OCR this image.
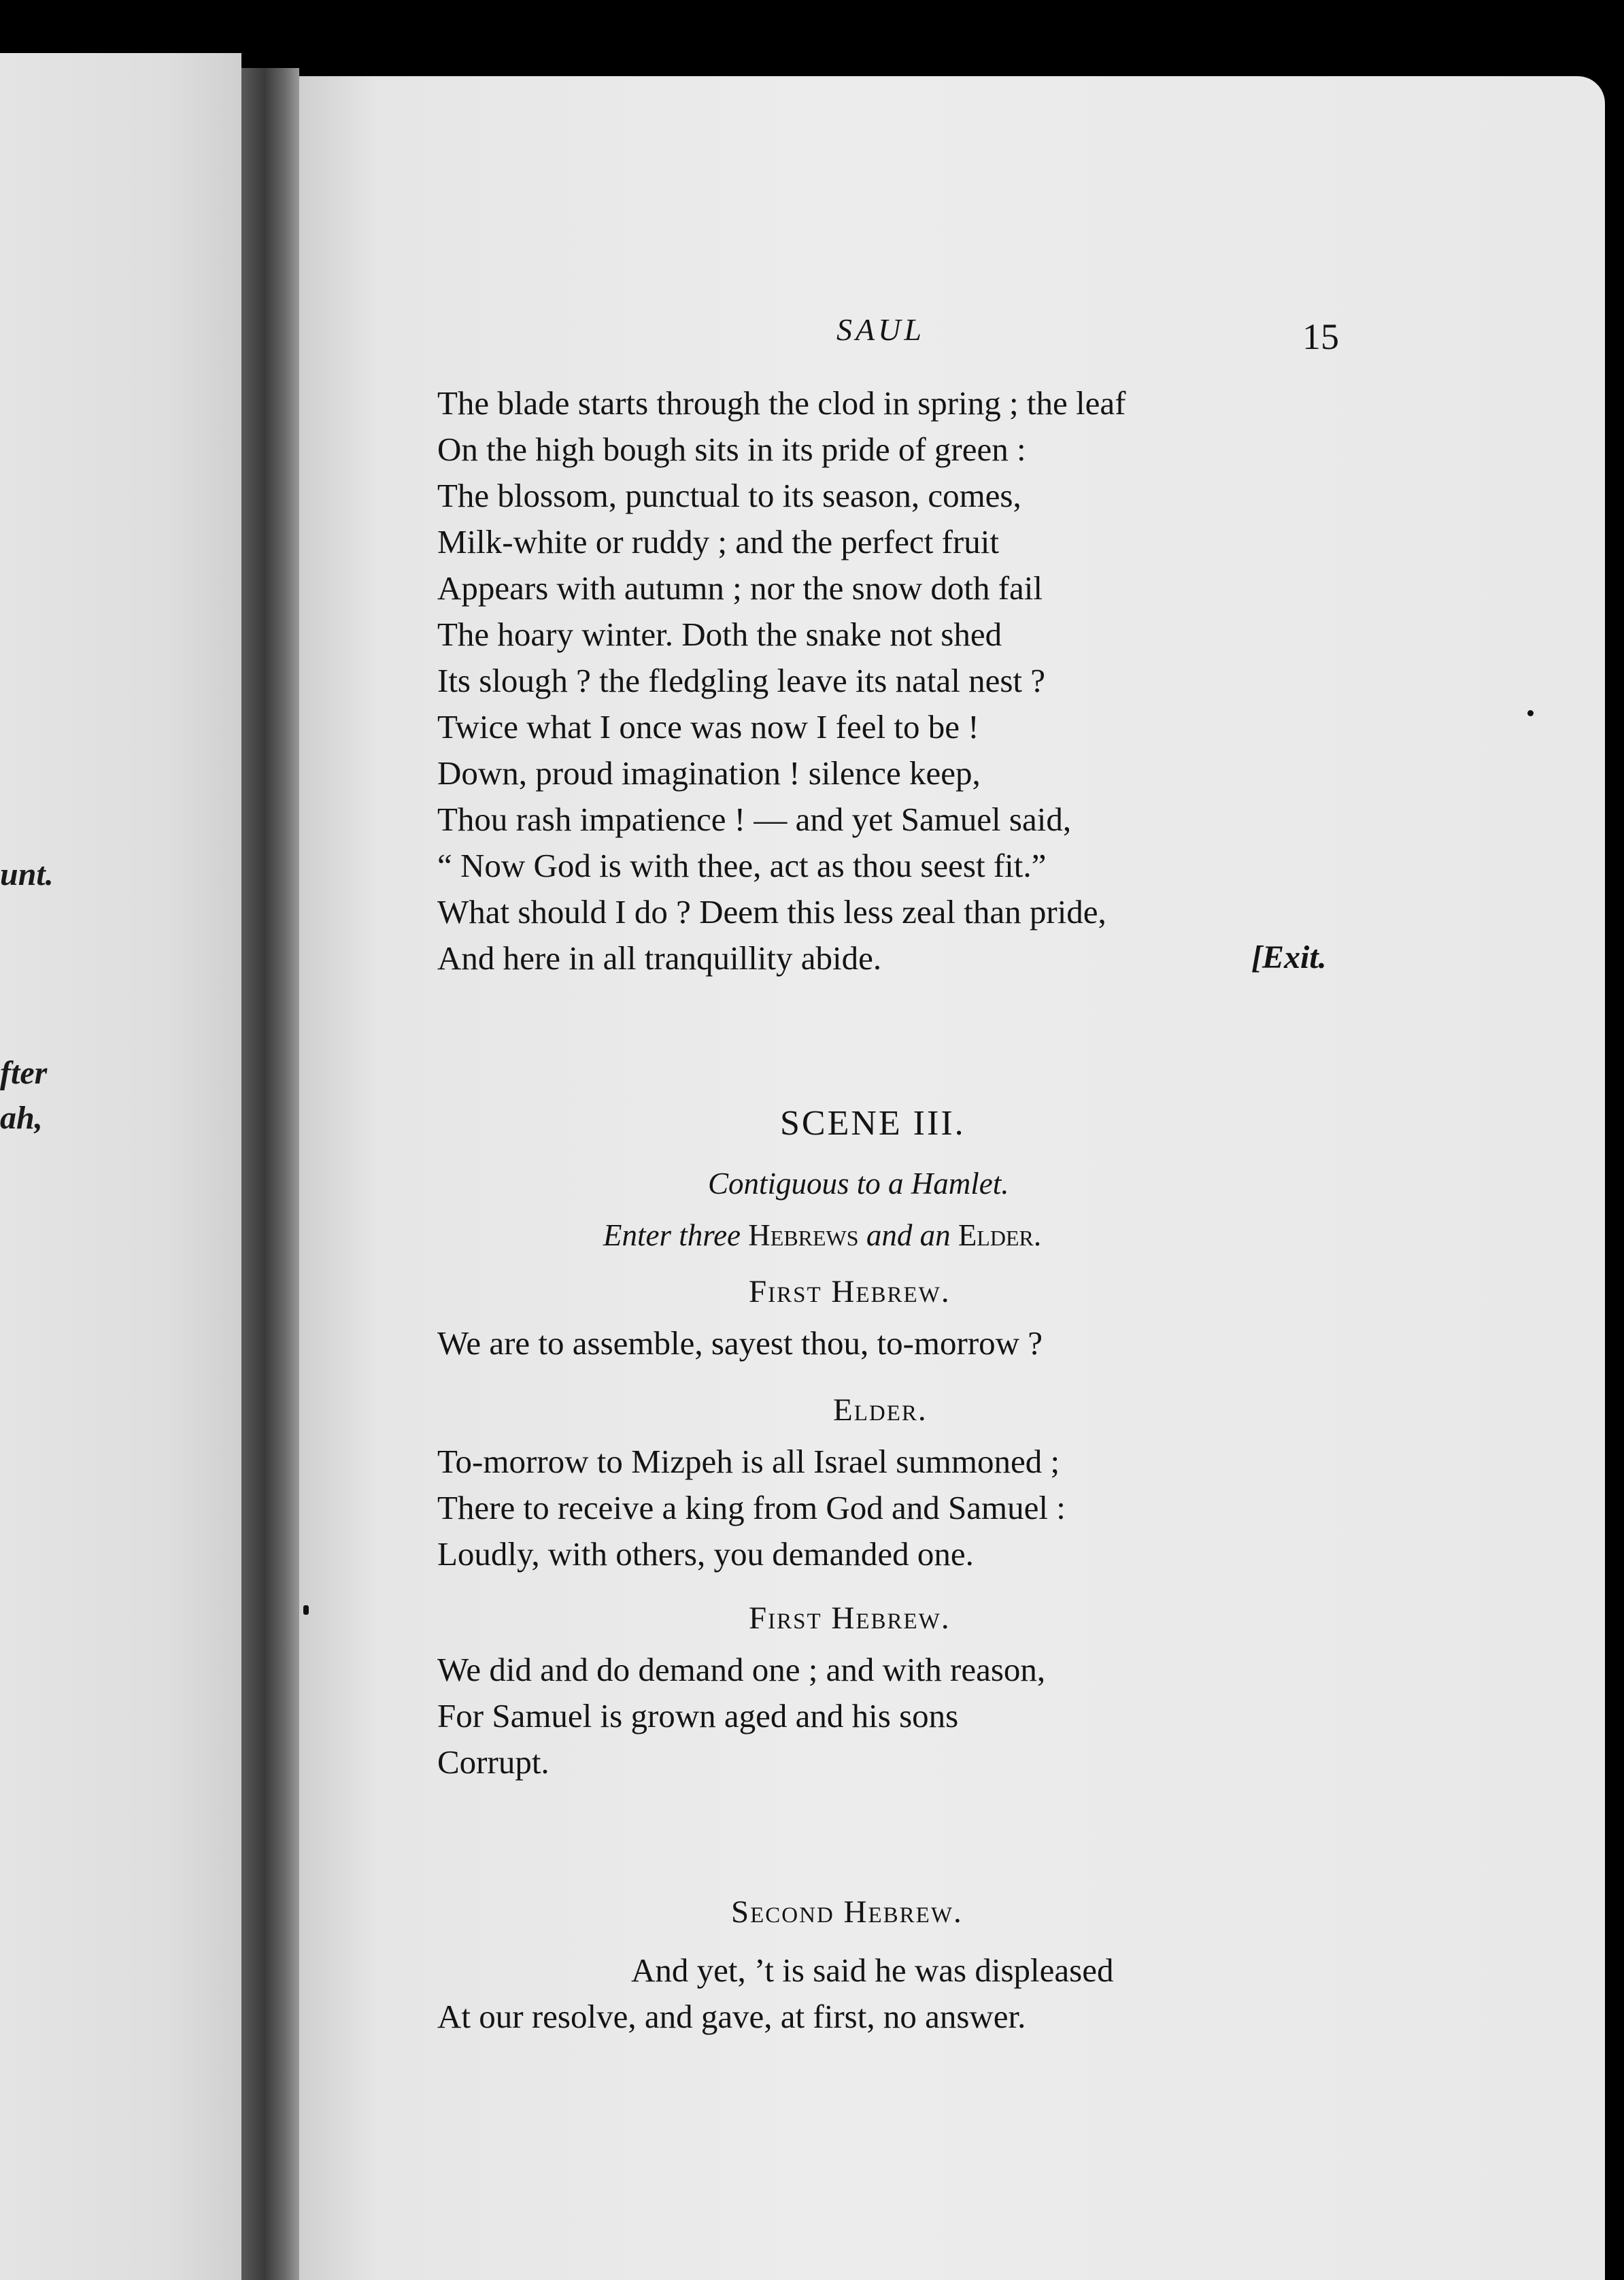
unt.
fter
ah,
SAUL	15
The blade starts through the clod in spring ; the leaf
On the high bough sits in its pride of green :
The blossom, punctual to its season, comes,
Milk-white or ruddy ; and the perfect fruit
Appears with autumn ; nor the snow doth fail
The hoary winter. Doth the snake not shed
Its slough ? the fledgling leave its natal nest ?
Twice what I once was now I feel to be !
Down, proud imagination ! silence keep,
Thou rash impatience ! — and yet Samuel said,
“ Now God is with thee, act as thou seest fit.”
What should I do ? Deem this less zeal than pride,
And here in all tranquillity abide.	[Exit.
SCENE III.
Contiguous to a Hamlet.
Enter three Hebrews and an Elder.
First Hebrew.
We are to assemble, sayest thou, to-morrow ?
Elder.
To-morrow to Mizpeh is all Israel summoned ;
There to receive a king from God and Samuel :
Loudly, with others, you demanded one.
First Hebrew.
We did and do demand one ; and with reason,
For Samuel is grown aged and his sons
Corrupt.
Second Hebrew.
And yet, ’t is said he was displeased
At our resolve, and gave, at first, no answer.
